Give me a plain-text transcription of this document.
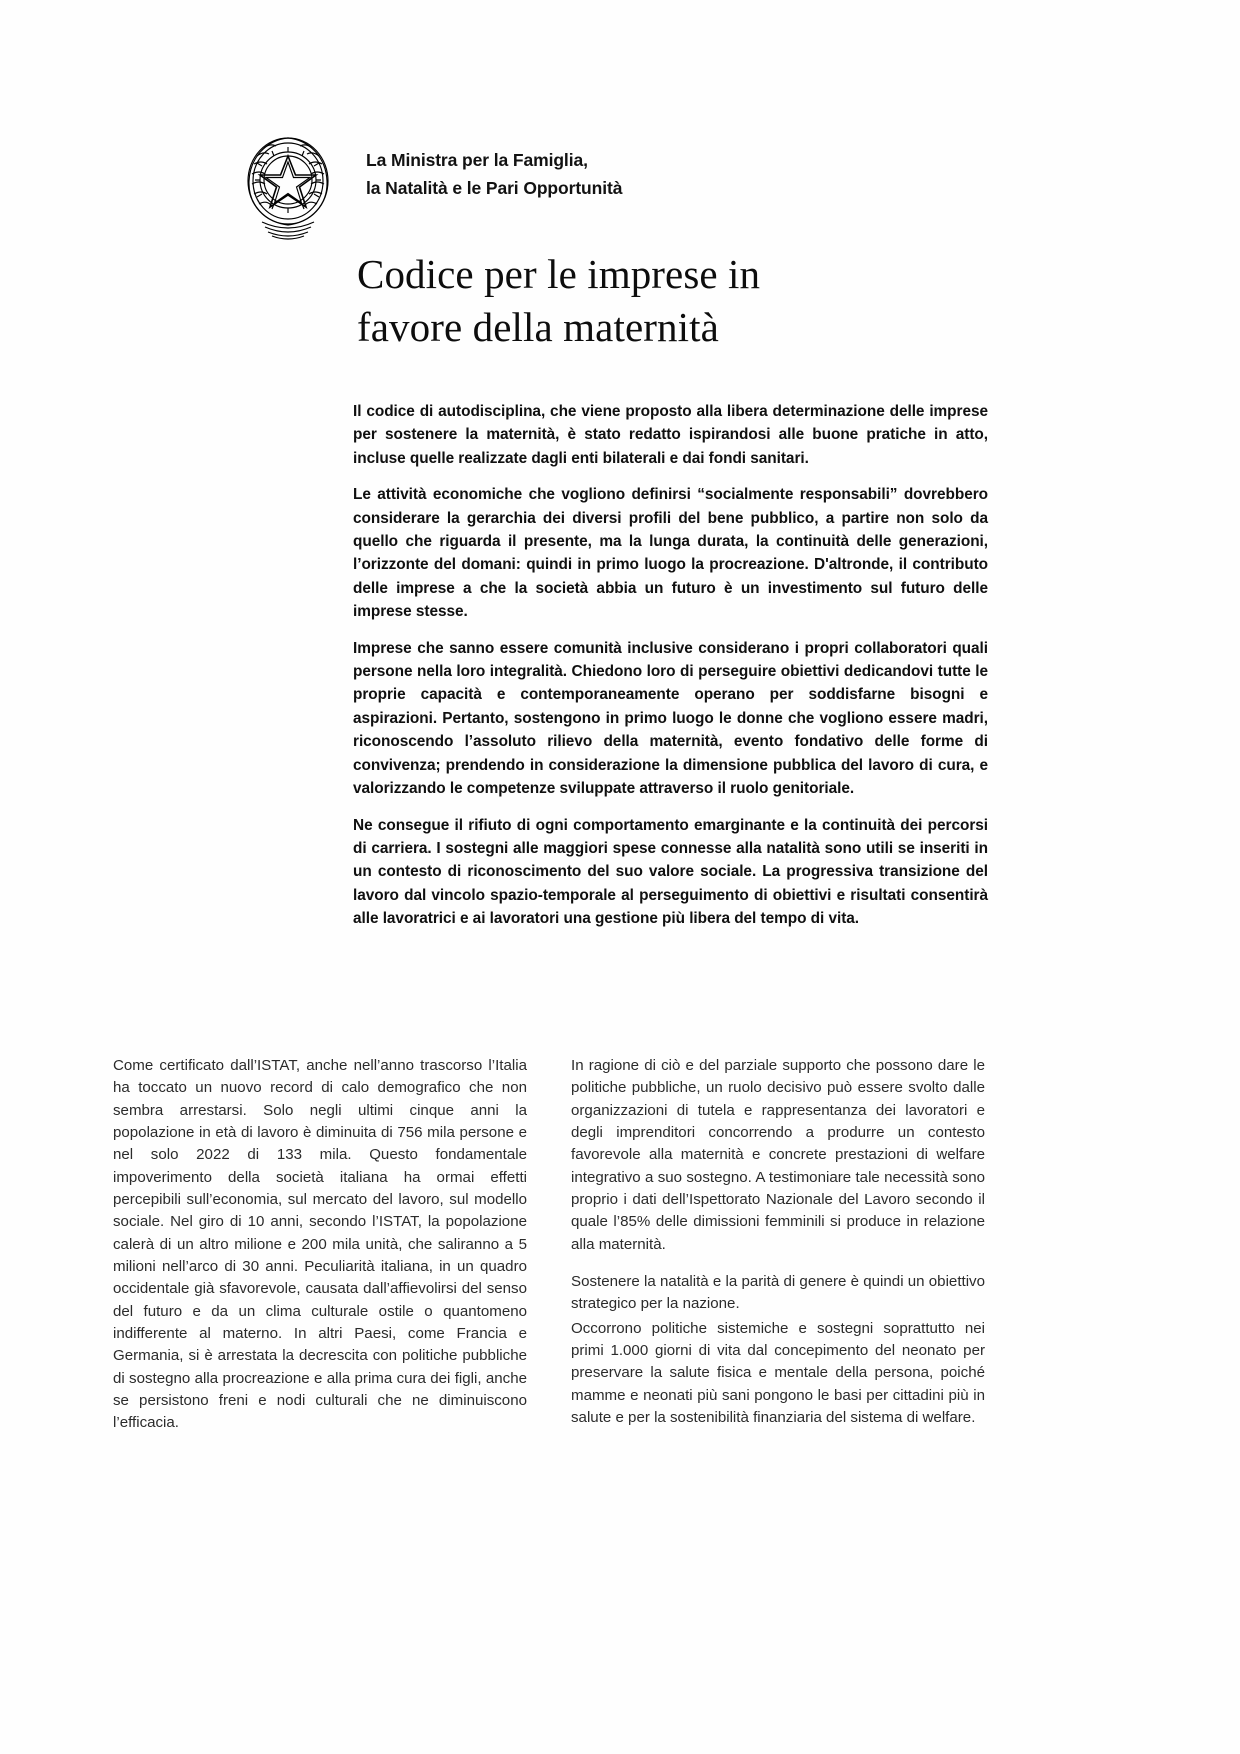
La Ministra per la Famiglia,
la Natalità e le Pari Opportunità
Codice per le imprese in
favore della maternità

Il codice di autodisciplina, che viene proposto alla libera determinazione delle imprese per sostenere la maternità, è stato redatto ispirandosi alle buone pratiche in atto, incluse quelle realizzate dagli enti bilaterali e dai fondi sanitari.

Le attività economiche che vogliono definirsi “socialmente responsabili” dovrebbero considerare la gerarchia dei diversi profili del bene pubblico, a partire non solo da quello che riguarda il presente, ma la lunga durata, la continuità delle generazioni, l’orizzonte del domani: quindi in primo luogo la procreazione. D'altronde, il contributo delle imprese a che la società abbia un futuro è un investimento sul futuro delle imprese stesse.

Imprese che sanno essere comunità inclusive considerano i propri collaboratori quali persone nella loro integralità. Chiedono loro di perseguire obiettivi dedicandovi tutte le proprie capacità e contemporaneamente operano per soddisfarne bisogni e aspirazioni. Pertanto, sostengono in primo luogo le donne che vogliono essere madri, riconoscendo l’assoluto rilievo della maternità, evento fondativo delle forme di convivenza; prendendo in considerazione la dimensione pubblica del lavoro di cura, e valorizzando le competenze sviluppate attraverso il ruolo genitoriale.

Ne consegue il rifiuto di ogni comportamento emarginante e la continuità dei percorsi di carriera. I sostegni alle maggiori spese connesse alla natalità sono utili se inseriti in un contesto di riconoscimento del suo valore sociale. La progressiva transizione del lavoro dal vincolo spazio-temporale al perseguimento di obiettivi e risultati consentirà alle lavoratrici e ai lavoratori una gestione più libera del tempo di vita.

Come certificato dall’ISTAT, anche nell’anno trascorso l’Italia ha toccato un nuovo record di calo demografico che non sembra arrestarsi. Solo negli ultimi cinque anni la popolazione in età di lavoro è diminuita di 756 mila persone e nel solo 2022 di 133 mila. Questo fondamentale impoverimento della società italiana ha ormai effetti percepibili sull’economia, sul mercato del lavoro, sul modello sociale. Nel giro di 10 anni, secondo l’ISTAT, la popolazione calerà di un altro milione e 200 mila unità, che saliranno a 5 milioni nell’arco di 30 anni. Peculiarità italiana, in un quadro occidentale già sfavorevole, causata dall’affievolirsi del senso del futuro e da un clima culturale ostile o quantomeno indifferente al materno. In altri Paesi, come Francia e Germania, si è arrestata la decrescita con politiche pubbliche di sostegno alla procreazione e alla prima cura dei figli, anche se persistono freni e nodi culturali che ne diminuiscono l’efficacia.

In ragione di ciò e del parziale supporto che possono dare le politiche pubbliche, un ruolo decisivo può essere svolto dalle organizzazioni di tutela e rappresentanza dei lavoratori e degli imprenditori concorrendo a produrre un contesto favorevole alla maternità e concrete prestazioni di welfare integrativo a suo sostegno. A testimoniare tale necessità sono proprio i dati dell’Ispettorato Nazionale del Lavoro secondo il quale l’85% delle dimissioni femminili si produce in relazione alla maternità.

Sostenere la natalità e la parità di genere è quindi un obiettivo strategico per la nazione.

Occorrono politiche sistemiche e sostegni soprattutto nei primi 1.000 giorni di vita dal concepimento del neonato per preservare la salute fisica e mentale della persona, poiché mamme e neonati più sani pongono le basi per cittadini più in salute e per la sostenibilità finanziaria del sistema di welfare.
